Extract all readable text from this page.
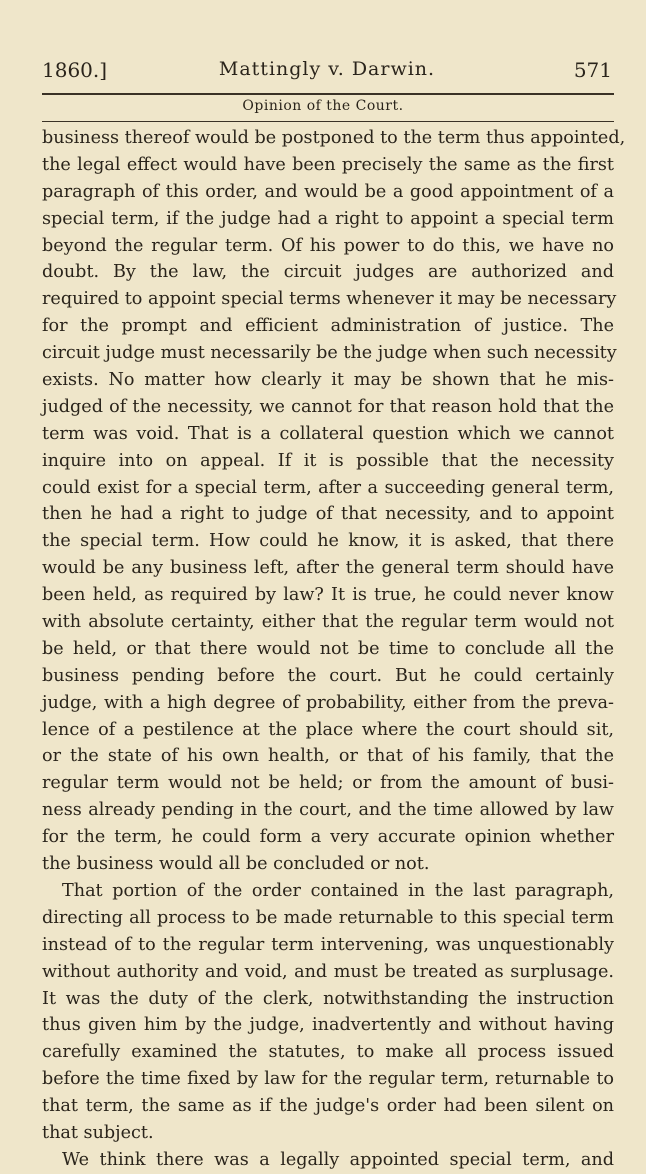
1860.]	Mattingly v. Darwin.	571
Opinion of the Court.
business thereof would be postponed to the term thus appointed,
the legal effect would have been precisely the same as the first
paragraph of this order, and would be a good appointment of a
special term, if the judge had a right to appoint a special term
beyond the regular term. Of his power to do this, we have no
doubt. By the law, the circuit judges are authorized and
required to appoint special terms whenever it may be necessary
for the prompt and efficient administration of justice. The
circuit judge must necessarily be the judge when such necessity
exists. No matter how clearly it may be shown that he mis-
judged of the necessity, we cannot for that reason hold that the
term was void. That is a collateral question which we cannot
inquire into on appeal. If it is possible that the necessity
could exist for a special term, after a succeeding general term,
then he had a right to judge of that necessity, and to appoint
the special term. How could he know, it is asked, that there
would be any business left, after the general term should have
been held, as required by law? It is true, he could never know
with absolute certainty, either that the regular term would not
be held, or that there would not be time to conclude all the
business pending before the court. But he could certainly
judge, with a high degree of probability, either from the preva-
lence of a pestilence at the place where the court should sit,
or the state of his own health, or that of his family, that the
regular term would not be held; or from the amount of busi-
ness already pending in the court, and the time allowed by law
for the term, he could form a very accurate opinion whether
the business would all be concluded or not.
That portion of the order contained in the last paragraph,
directing all process to be made returnable to this special term
instead of to the regular term intervening, was unquestionably
without authority and void, and must be treated as surplusage.
It was the duty of the clerk, notwithstanding the instruction
thus given him by the judge, inadvertently and without having
carefully examined the statutes, to make all process issued
before the time fixed by law for the regular term, returnable to
that term, the same as if the judge's order had been silent on
that subject.
We think there was a legally appointed special term, and
